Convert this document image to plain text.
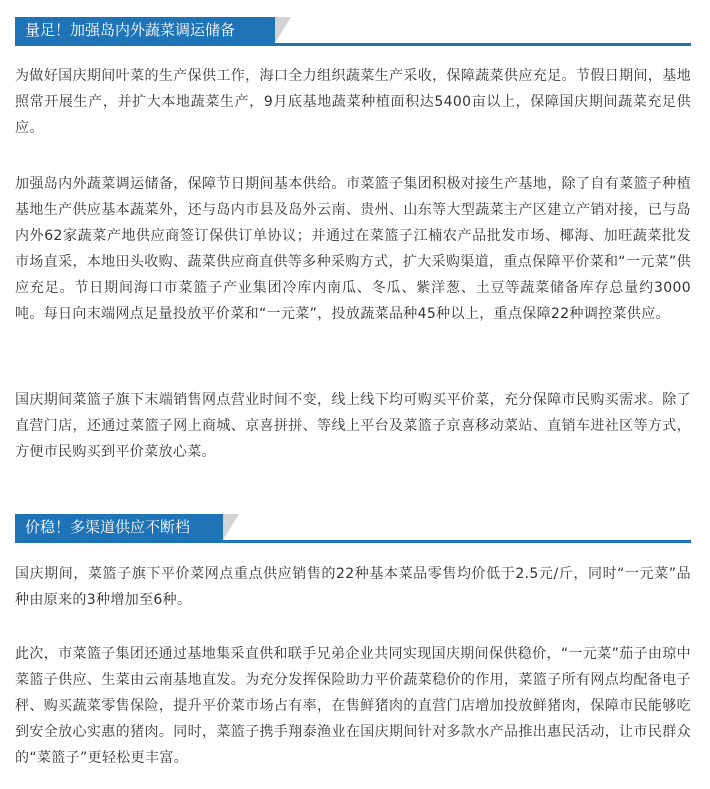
量足！加强岛内外蔬菜调运储备

为做好国庆期间叶菜的生产保供工作，海口全力组织蔬菜生产采收，保障蔬菜供应充足。节假日期间，基地照常开展生产，并扩大本地蔬菜生产，9月底基地蔬菜种植面积达5400亩以上，保障国庆期间蔬菜充足供应。

加强岛内外蔬菜调运储备，保障节日期间基本供给。市菜篮子集团积极对接生产基地，除了自有菜篮子种植基地生产供应基本蔬菜外，还与岛内市县及岛外云南、贵州、山东等大型蔬菜主产区建立产销对接，已与岛内外62家蔬菜产地供应商签订保供订单协议；并通过在菜篮子江楠农产品批发市场、椰海、加旺蔬菜批发市场直采，本地田头收购、蔬菜供应商直供等多种采购方式，扩大采购渠道，重点保障平价菜和“一元菜”供应充足。节日期间海口市菜篮子产业集团冷库内南瓜、冬瓜、紫洋葱、土豆等蔬菜储备库存总量约3000吨。每日向末端网点足量投放平价菜和“一元菜”，投放蔬菜品种45种以上，重点保障22种调控菜供应。

国庆期间菜篮子旗下末端销售网点营业时间不变，线上线下均可购买平价菜，充分保障市民购买需求。除了直营门店，还通过菜篮子网上商城、京喜拼拼、等线上平台及菜篮子京喜移动菜站、直销车进社区等方式，方便市民购买到平价菜放心菜。

价稳！多渠道供应不断档

国庆期间，菜篮子旗下平价菜网点重点供应销售的22种基本菜品零售均价低于2.5元/斤，同时“一元菜”品种由原来的3种增加至6种。

此次，市菜篮子集团还通过基地集采直供和联手兄弟企业共同实现国庆期间保供稳价，“一元菜”茄子由琼中菜篮子供应、生菜由云南基地直发。为充分发挥保险助力平价蔬菜稳价的作用，菜篮子所有网点均配备电子秤、购买蔬菜零售保险，提升平价菜市场占有率，在售鲜猪肉的直营门店增加投放鲜猪肉，保障市民能够吃到安全放心实惠的猪肉。同时，菜篮子携手翔泰渔业在国庆期间针对多款水产品推出惠民活动，让市民群众的“菜篮子”更轻松更丰富。
